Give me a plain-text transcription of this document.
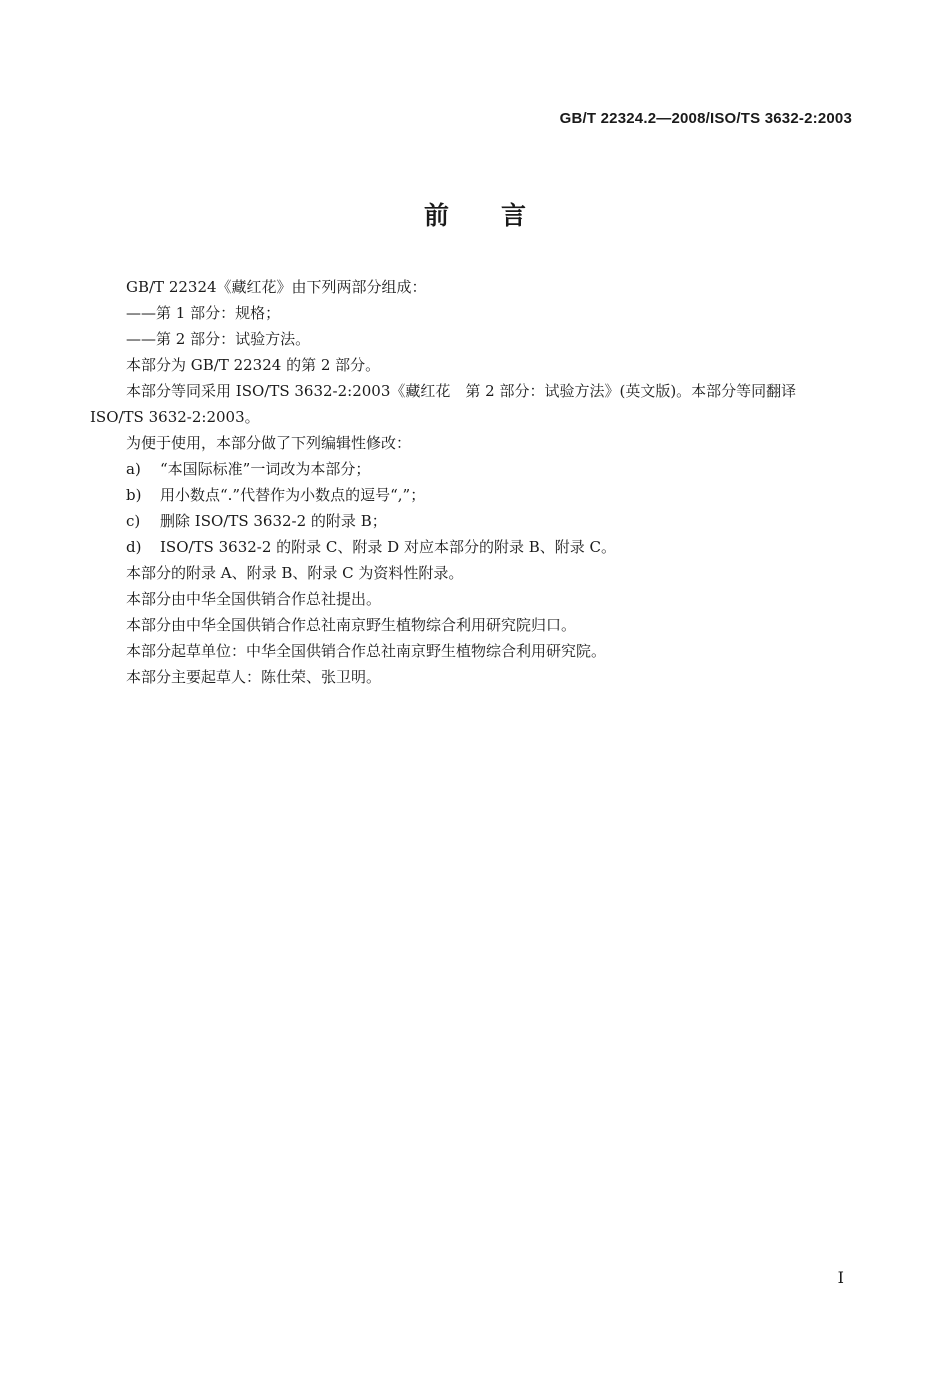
GB/T 22324.2—2008/ISO/TS 3632-2:2003
前言
GB/T 22324《藏红花》由下列两部分组成：
——第 1 部分：规格；
——第 2 部分：试验方法。
本部分为 GB/T 22324 的第 2 部分。
本部分等同采用 ISO/TS 3632-2:2003《藏红花　第 2 部分：试验方法》(英文版)。本部分等同翻译
ISO/TS 3632-2:2003。
为便于使用，本部分做了下列编辑性修改：
a) “本国际标准”一词改为本部分；
b) 用小数点“.”代替作为小数点的逗号“,”；
c) 删除 ISO/TS 3632-2 的附录 B；
d) ISO/TS 3632-2 的附录 C、附录 D 对应本部分的附录 B、附录 C。
本部分的附录 A、附录 B、附录 C 为资料性附录。
本部分由中华全国供销合作总社提出。
本部分由中华全国供销合作总社南京野生植物综合利用研究院归口。
本部分起草单位：中华全国供销合作总社南京野生植物综合利用研究院。
本部分主要起草人：陈仕荣、张卫明。
I
